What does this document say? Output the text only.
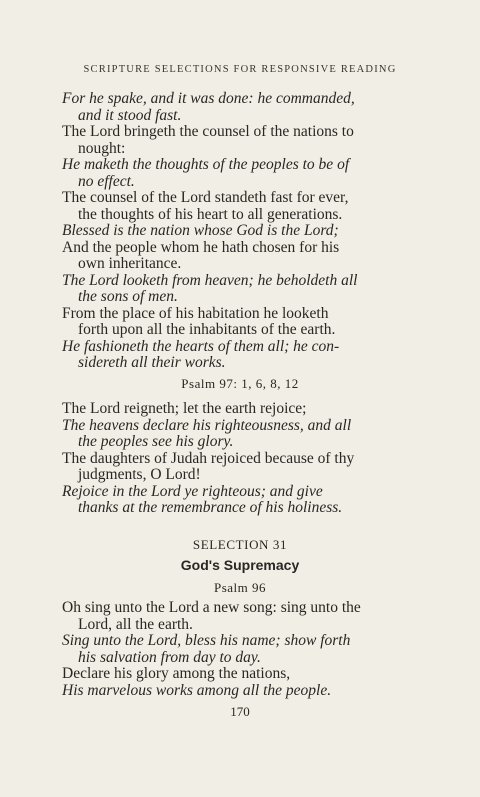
SCRIPTURE SELECTIONS FOR RESPONSIVE READING
For he spake, and it was done: he commanded,
and it stood fast.
The Lord bringeth the counsel of the nations to
nought:
He maketh the thoughts of the peoples to be of
no effect.
The counsel of the Lord standeth fast for ever,
the thoughts of his heart to all generations.
Blessed is the nation whose God is the Lord;
And the people whom he hath chosen for his
own inheritance.
The Lord looketh from heaven; he beholdeth all
the sons of men.
From the place of his habitation he looketh
forth upon all the inhabitants of the earth.
He fashioneth the hearts of them all; he con-
sidereth all their works.
Psalm 97: 1, 6, 8, 12
The Lord reigneth; let the earth rejoice;
The heavens declare his righteousness, and all
the peoples see his glory.
The daughters of Judah rejoiced because of thy
judgments, O Lord!
Rejoice in the Lord ye righteous; and give
thanks at the remembrance of his holiness.
SELECTION 31
God's Supremacy
Psalm 96
Oh sing unto the Lord a new song: sing unto the
Lord, all the earth.
Sing unto the Lord, bless his name; show forth
his salvation from day to day.
Declare his glory among the nations,
His marvelous works among all the people.
170
